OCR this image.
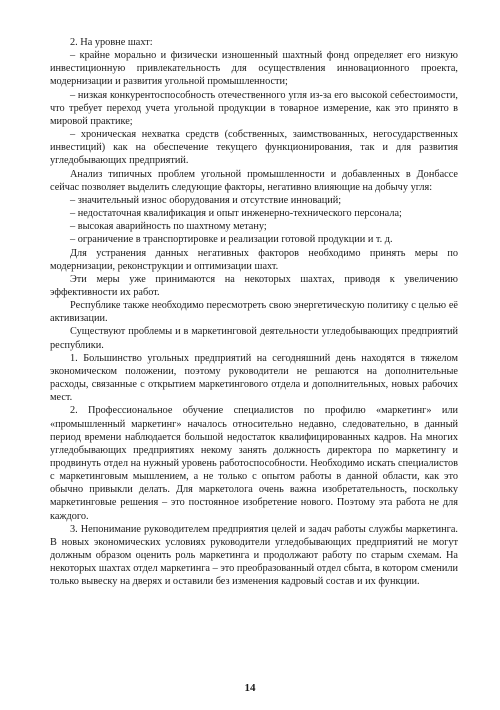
2. На уровне шахт:

– крайне морально и физически изношенный шахтный фонд определяет его низкую инвестиционную привлекательность для осуществления инновационного проекта, модернизации и развития угольной промышленности;

– низкая конкурентоспособность отечественного угля из-за его высокой себестоимости, что требует переход учета угольной продукции в товарное измерение, как это принято в мировой практике;

– хроническая нехватка средств (собственных, заимствованных, негосударственных инвестиций) как на обеспечение текущего функционирования, так и для развития угледобывающих предприятий.

Анализ типичных проблем угольной промышленности и добавленных в Донбассе сейчас позволяет выделить следующие факторы, негативно влияющие на добычу угля:

– значительный износ оборудования и отсутствие инноваций;

– недостаточная квалификация и опыт инженерно-технического персонала;

– высокая аварийность по шахтному метану;

– ограничение в транспортировке и реализации готовой продукции и т. д.

Для устранения данных негативных факторов необходимо принять меры по модернизации, реконструкции и оптимизации шахт.

Эти меры уже принимаются на некоторых шахтах, приводя к увеличению эффективности их работ.

Республике также необходимо пересмотреть свою энергетическую политику с целью её активизации.

Существуют проблемы и в маркетинговой деятельности угледобывающих предприятий республики.

1. Большинство угольных предприятий на сегодняшний день находятся в тяжелом экономическом положении, поэтому руководители не решаются на дополнительные расходы, связанные с открытием маркетингового отдела и дополнительных, новых рабочих мест.

2. Профессиональное обучение специалистов по профилю «маркетинг» или «промышленный маркетинг» началось относительно недавно, следовательно, в данный период времени наблюдается большой недостаток квалифицированных кадров. На многих угледобывающих предприятиях некому занять должность директора по маркетингу и продвинуть отдел на нужный уровень работоспособности. Необходимо искать специалистов с маркетинговым мышлением, а не только с опытом работы в данной области, как это обычно привыкли делать. Для маркетолога очень важна изобретательность, поскольку маркетинговые решения – это постоянное изобретение нового. Поэтому эта работа не для каждого.

3. Непонимание руководителем предприятия целей и задач работы службы маркетинга. В новых экономических условиях руководители угледобывающих предприятий не могут должным образом оценить роль маркетинга и продолжают работу по старым схемам. На некоторых шахтах отдел маркетинга – это преобразованный отдел сбыта, в котором сменили только вывеску на дверях и оставили без изменения кадровый состав и их функции.

14
